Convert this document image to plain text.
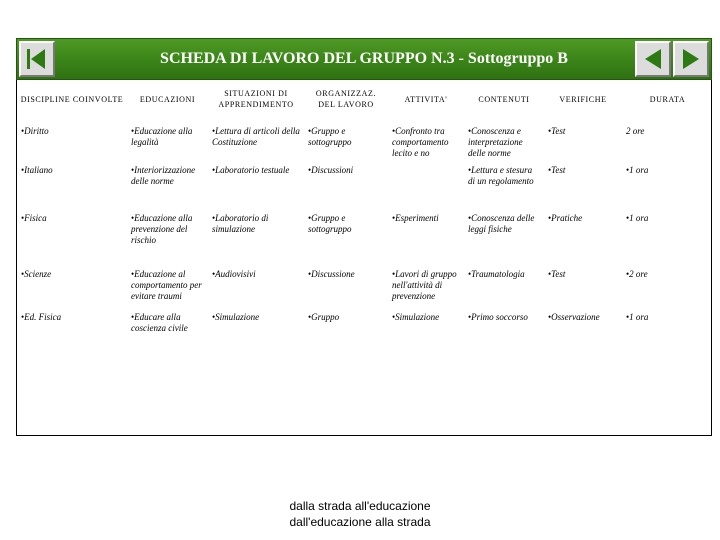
SCHEDA DI LAVORO DEL GRUPPO N.3 - Sottogruppo B
DISCIPLINE COINVOLTE	EDUCAZIONI	SITUAZIONI DI APPRENDIMENTO	ORGANIZZAZ. DEL LAVORO	ATTIVITA'	CONTENUTI	VERIFICHE	DURATA
• Diritto	• Educazione alla legalità	• Lettura di articoli della Costituzione	• Gruppo e sottogruppo	• Confronto tra comportamento lecito e no	• Conoscenza e interpretazione delle norme	• Test	2 ore
• Italiano	• Interiorizzazione delle norme	• Laboratorio testuale	• Discussioni		• Lettura e stesura di un regolamento	• Test	• 1 ora
• Fisica	• Educazione alla prevenzione del rischio	• Laboratorio di simulazione	• Gruppo e sottogruppo	• Esperimenti	• Conoscenza delle leggi fisiche	• Pratiche	• 1 ora
• Scienze	• Educazione al comportamento per evitare traumi	• Audiovisivi	• Discussione	• Lavori di gruppo nell'attività di prevenzione	• Traumatologia	• Test	• 2 ore
• Ed. Fisica	• Educare alla coscienza civile	• Simulazione	• Gruppo	• Simulazione	• Primo soccorso	• Osservazione	• 1 ora
dalla strada all'educazione
dall'educazione alla strada
